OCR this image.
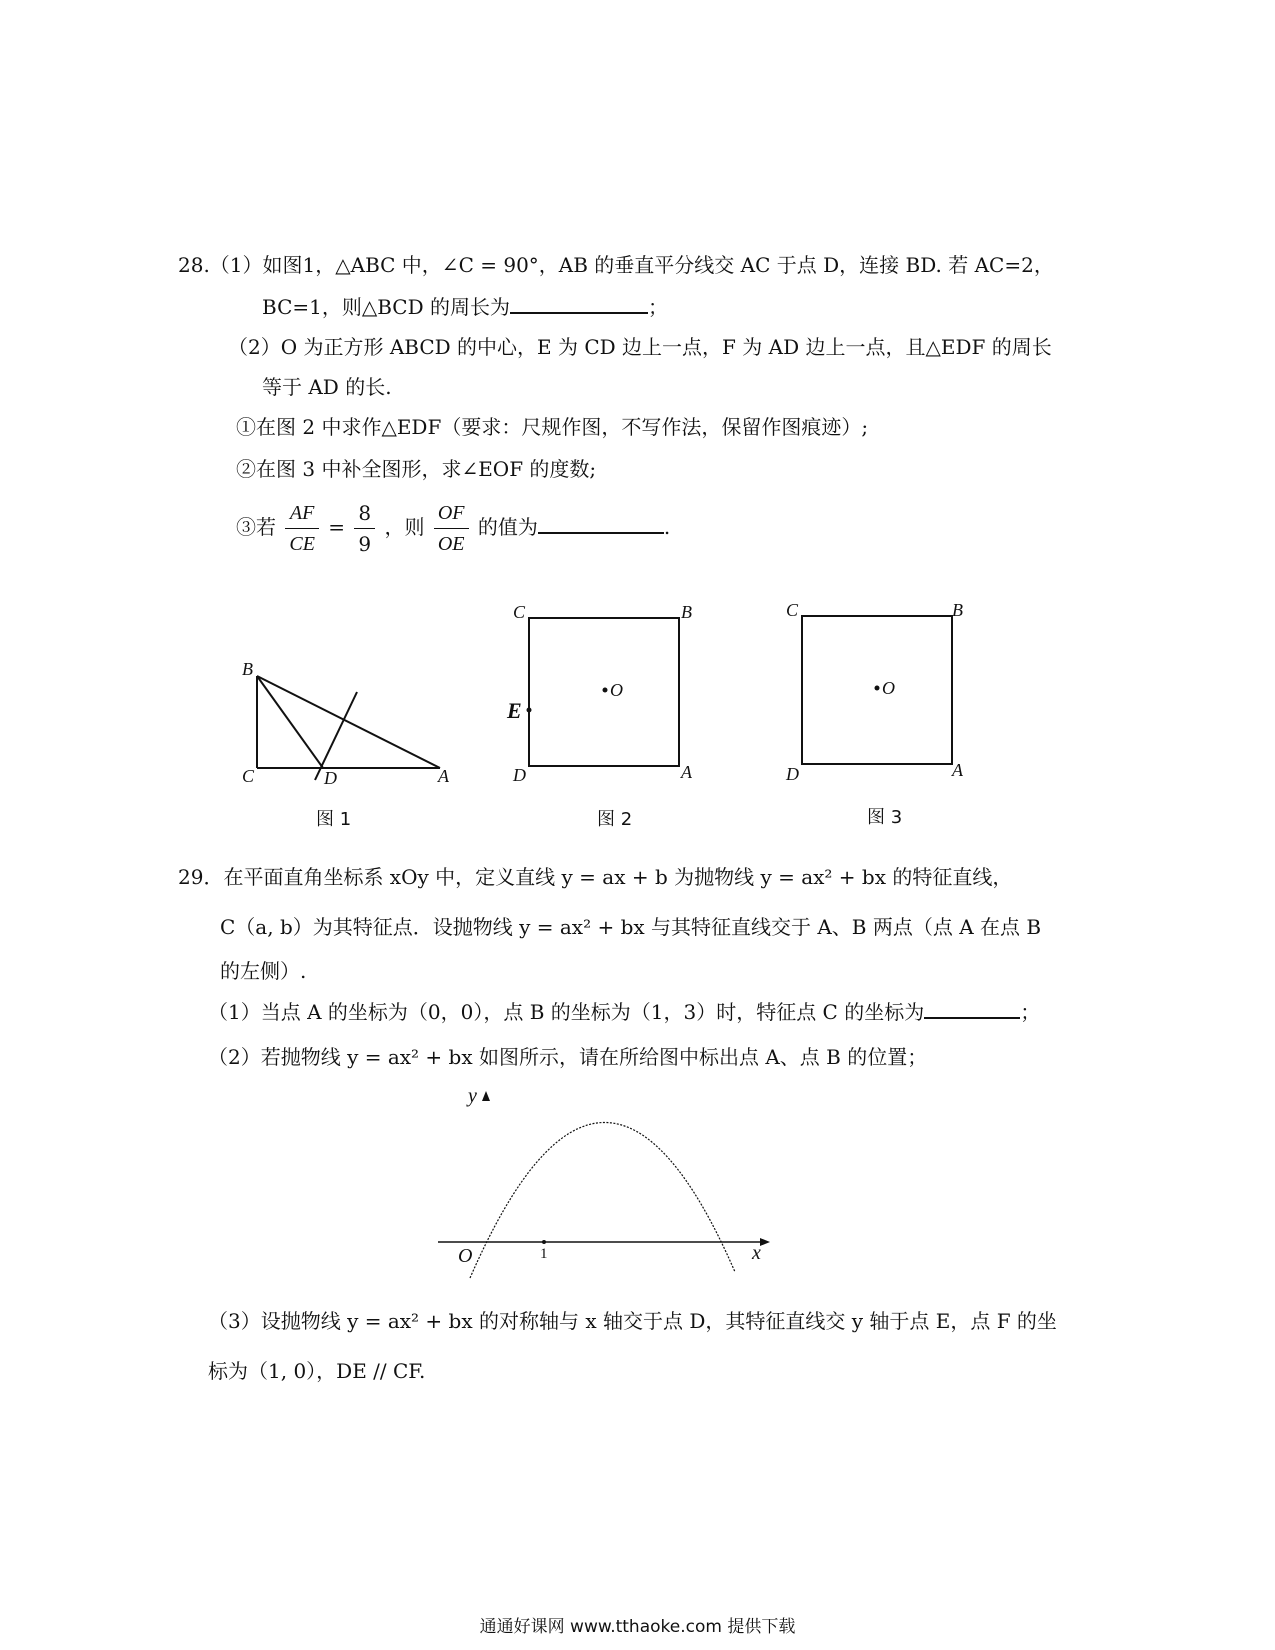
28.（1）如图1，△ABC 中，∠C = 90°，AB 的垂直平分线交 AC 于点 D，连接 BD. 若 AC=2，
BC=1，则△BCD 的周长为	；
（2）O 为正方形 ABCD 的中心，E 为 CD 边上一点，F 为 AD 边上一点，且△EDF 的周长
等于 AD 的长.
①在图 2 中求作△EDF（要求：尺规作图，不写作法，保留作图痕迹）;
②在图 3 中补全图形，求∠EOF 的度数;
③若 $\frac{AF}{CE} = \frac{8}{9}$ ，则 $\frac{OF}{OE}$ 的值为	.
B
C	D	A
图 1
C	B
O
E
D	A
图 2
C	B
O
D	A
图 3
29．在平面直角坐标系 xOy 中，定义直线 y = ax + b 为抛物线 y = ax² + bx 的特征直线，
C（a, b）为其特征点．设抛物线 y = ax² + bx 与其特征直线交于 A、B 两点（点 A 在点 B
的左侧）.
（1）当点 A 的坐标为（0，0），点 B 的坐标为（1，3）时，特征点 C 的坐标为	；
（2）若抛物线 y = ax² + bx 如图所示，请在所给图中标出点 A、点 B 的位置；
y
x
O	1
（3）设抛物线 y = ax² + bx 的对称轴与 x 轴交于点 D，其特征直线交 y 轴于点 E，点 F 的坐
标为（1, 0），DE // CF.
通通好课网 www.tthaoke.com 提供下载
